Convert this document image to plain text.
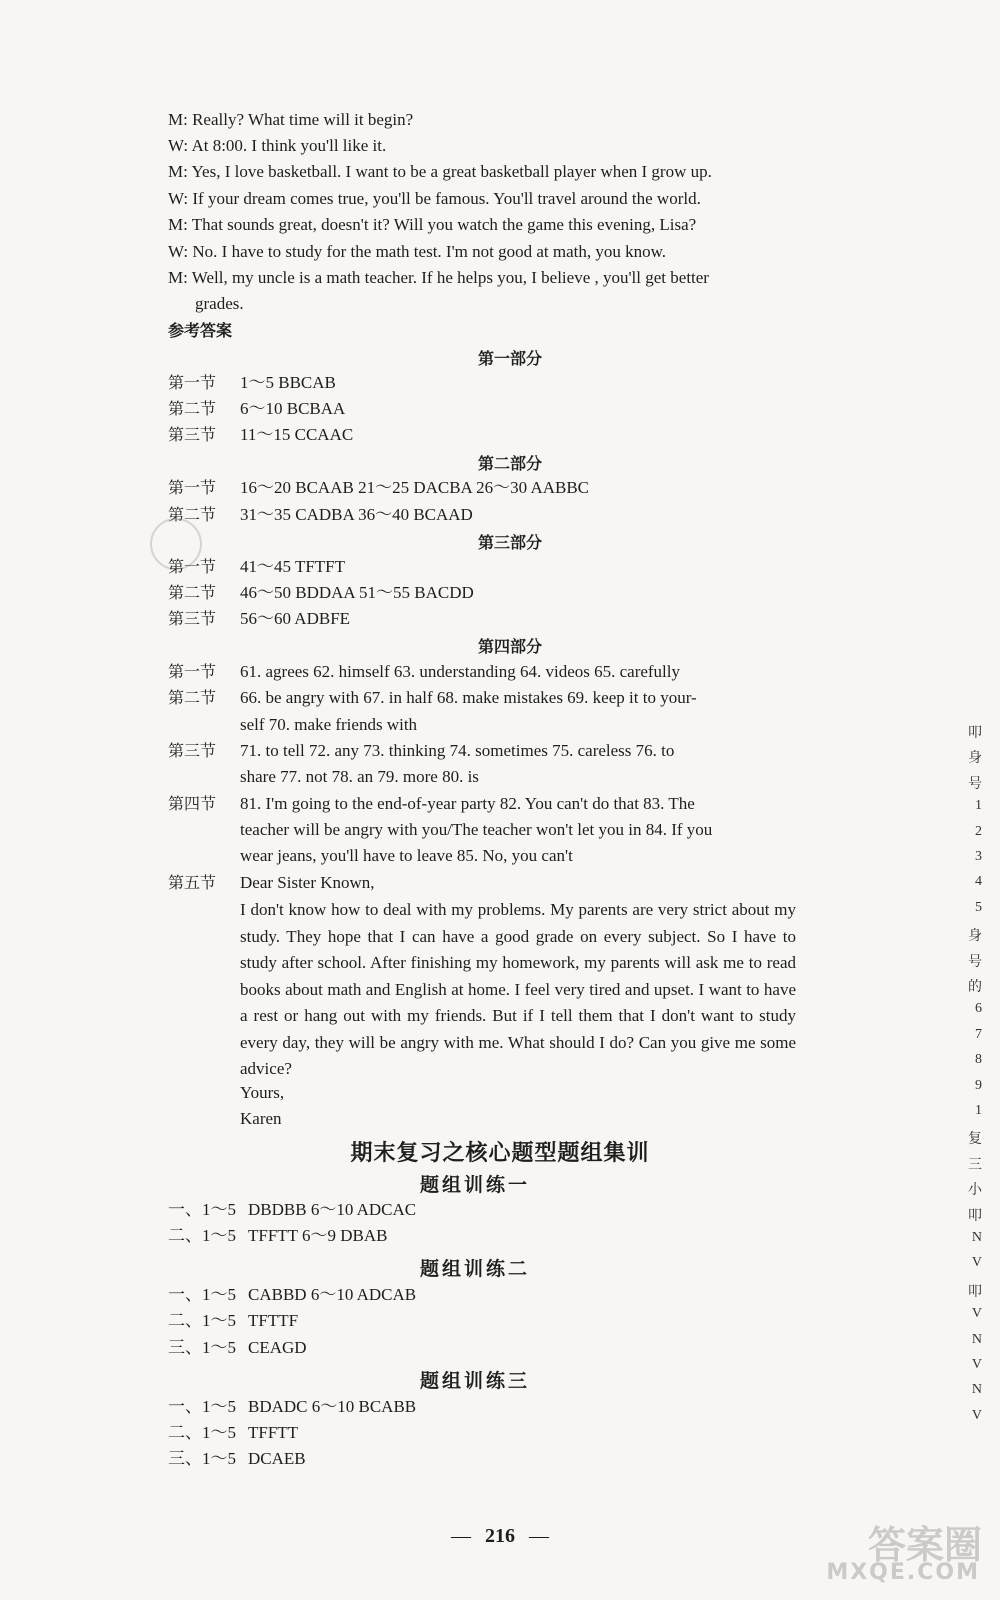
M: Really? What time will it begin?
W: At 8:00. I think you'll like it.
M: Yes, I love basketball. I want to be a great basketball player when I grow up.
W: If your dream comes true, you'll be famous. You'll travel around the world.
M: That sounds great, doesn't it? Will you watch the game this evening, Lisa?
W: No. I have to study for the math test. I'm not good at math, you know.
M: Well, my uncle is a math teacher. If he helps you, I believe , you'll get better
grades.
参考答案
第一部分
第一节 1～5 BBCAB
第二节 6～10 BCBAA
第三节 11～15 CCAAC
第二部分
第一节 16～20 BCAAB 21～25 DACBA 26～30 AABBC
第二节 31～35 CADBA 36～40 BCAAD
第三部分
第一节 41～45 TFTFT
第二节 46～50 BDDAA 51～55 BACDD
第三节 56～60 ADBFE
第四部分
第一节 61. agrees 62. himself 63. understanding 64. videos 65. carefully
第二节 66. be angry with 67. in half 68. make mistakes 69. keep it to your-
self 70. make friends with
第三节 71. to tell 72. any 73. thinking 74. sometimes 75. careless 76. to
share 77. not 78. an 79. more 80. is
第四节 81. I'm going to the end-of-year party 82. You can't do that 83. The
teacher will be angry with you/The teacher won't let you in 84. If you
wear jeans, you'll have to leave 85. No, you can't
第五节 Dear Sister Known,
I don't know how to deal with my problems. My parents are very strict about my study. They hope that I can have a good grade on every subject. So I have to study after school. After finishing my homework, my parents will ask me to read books about math and English at home. I feel very tired and upset. I want to have a rest or hang out with my friends. But if I tell them that I don't want to study every day, they will be angry with me. What should I do? Can you give me some advice?
Yours,
Karen
期末复习之核心题型题组集训
题组训练一
一、1～5 DBDBB 6～10 ADCAC
二、1～5 TFFTT 6～9 DBAB
题组训练二
一、1～5 CABBD 6～10 ADCAB
二、1～5 TFTTF
三、1～5 CEAGD
题组训练三
一、1～5 BDADC 6～10 BCABB
二、1～5 TFFTT
三、1～5 DCAEB
— 216 —
叩
身
号
1
2
3
4
5
身
号
的
6
7
8
9
1
复
三
小
叩
N
V
叩
V
N
V
N
V
答案圈
MXQE.COM
